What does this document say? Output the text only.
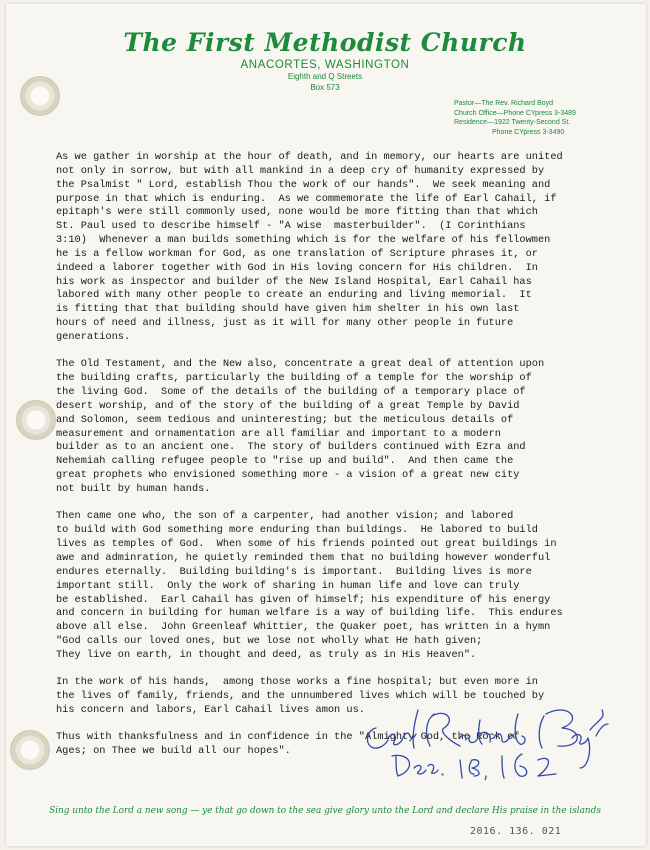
The First Methodist Church
ANACORTES, WASHINGTON
Eighth and Q Streets
Box 573
Pastor—The Rev. Richard Boyd
Church Office—Phone CYpress 3-3489
Residence—1922 Twenty-Second St.
Phone CYpress 3-3490
As we gather in worship at the hour of death, and in memory, our hearts are united
not only in sorrow, but with all mankind in a deep cry of humanity expressed by
the Psalmist " Lord, establish Thou the work of our hands".  We seek meaning and
purpose in that which is enduring.  As we commemorate the life of Earl Cahail, if
epitaph's were still commonly used, none would be more fitting than that which
St. Paul used to describe himself - "A wise  masterbuilder".  (I Corinthians
3:10)  Whenever a man builds something which is for the welfare of his fellowmen
he is a fellow workman for God, as one translation of Scripture phrases it, or
indeed a laborer together with God in His loving concern for His children.  In
his work as inspector and builder of the New Island Hospital, Earl Cahail has
labored with many other people to create an enduring and living memorial.  It
is fitting that that building should have given him shelter in his own last
hours of need and illness, just as it will for many other people in future
generations.
The Old Testament, and the New also, concentrate a great deal of attention upon
the building crafts, particularly the building of a temple for the worship of
the living God.  Some of the details of the building of a temporary place of
desert worship, and of the story of the building of a great Temple by David
and Solomon, seem tedious and uninteresting; but the meticulous details of
measurement and ornamentation are all familiar and important to a modern
builder as to an ancient one.  The story of builders continued with Ezra and
Nehemiah calling refugee people to "rise up and build".  And then came the
great prophets who envisioned something more - a vision of a great new city
not built by human hands.
Then came one who, the son of a carpenter, had another vision; and labored
to build with God something more enduring than buildings.  He labored to build
lives as temples of God.  When some of his friends pointed out great buildings in
awe and adminration, he quietly reminded them that no building however wonderful
endures eternally.  Building building's is important.  Building lives is more
important still.  Only the work of sharing in human life and love can truly
be established.  Earl Cahail has given of himself; his expenditure of his energy
and concern in building for human welfare is a way of building life.  This endures
above all else.  John Greenleaf Whittier, the Quaker poet, has written in a hymn
"God calls our loved ones, but we lose not wholly what He hath given;
They live on earth, in thought and deed, as truly as in His Heaven".
In the work of his hands,  among those works a fine hospital; but even more in
the lives of family, friends, and the unnumbered lives which will be touched by
his concern and labors, Earl Cahail lives amon us.
Thus with thanksfulness and in confidence in the "Almighty God, the Rock of
Ages; on Thee we build all our hopes".
Sing unto the Lord a new song — ye that go down to the sea give glory unto the Lord and declare His praise in the islands
2016. 136. 021
